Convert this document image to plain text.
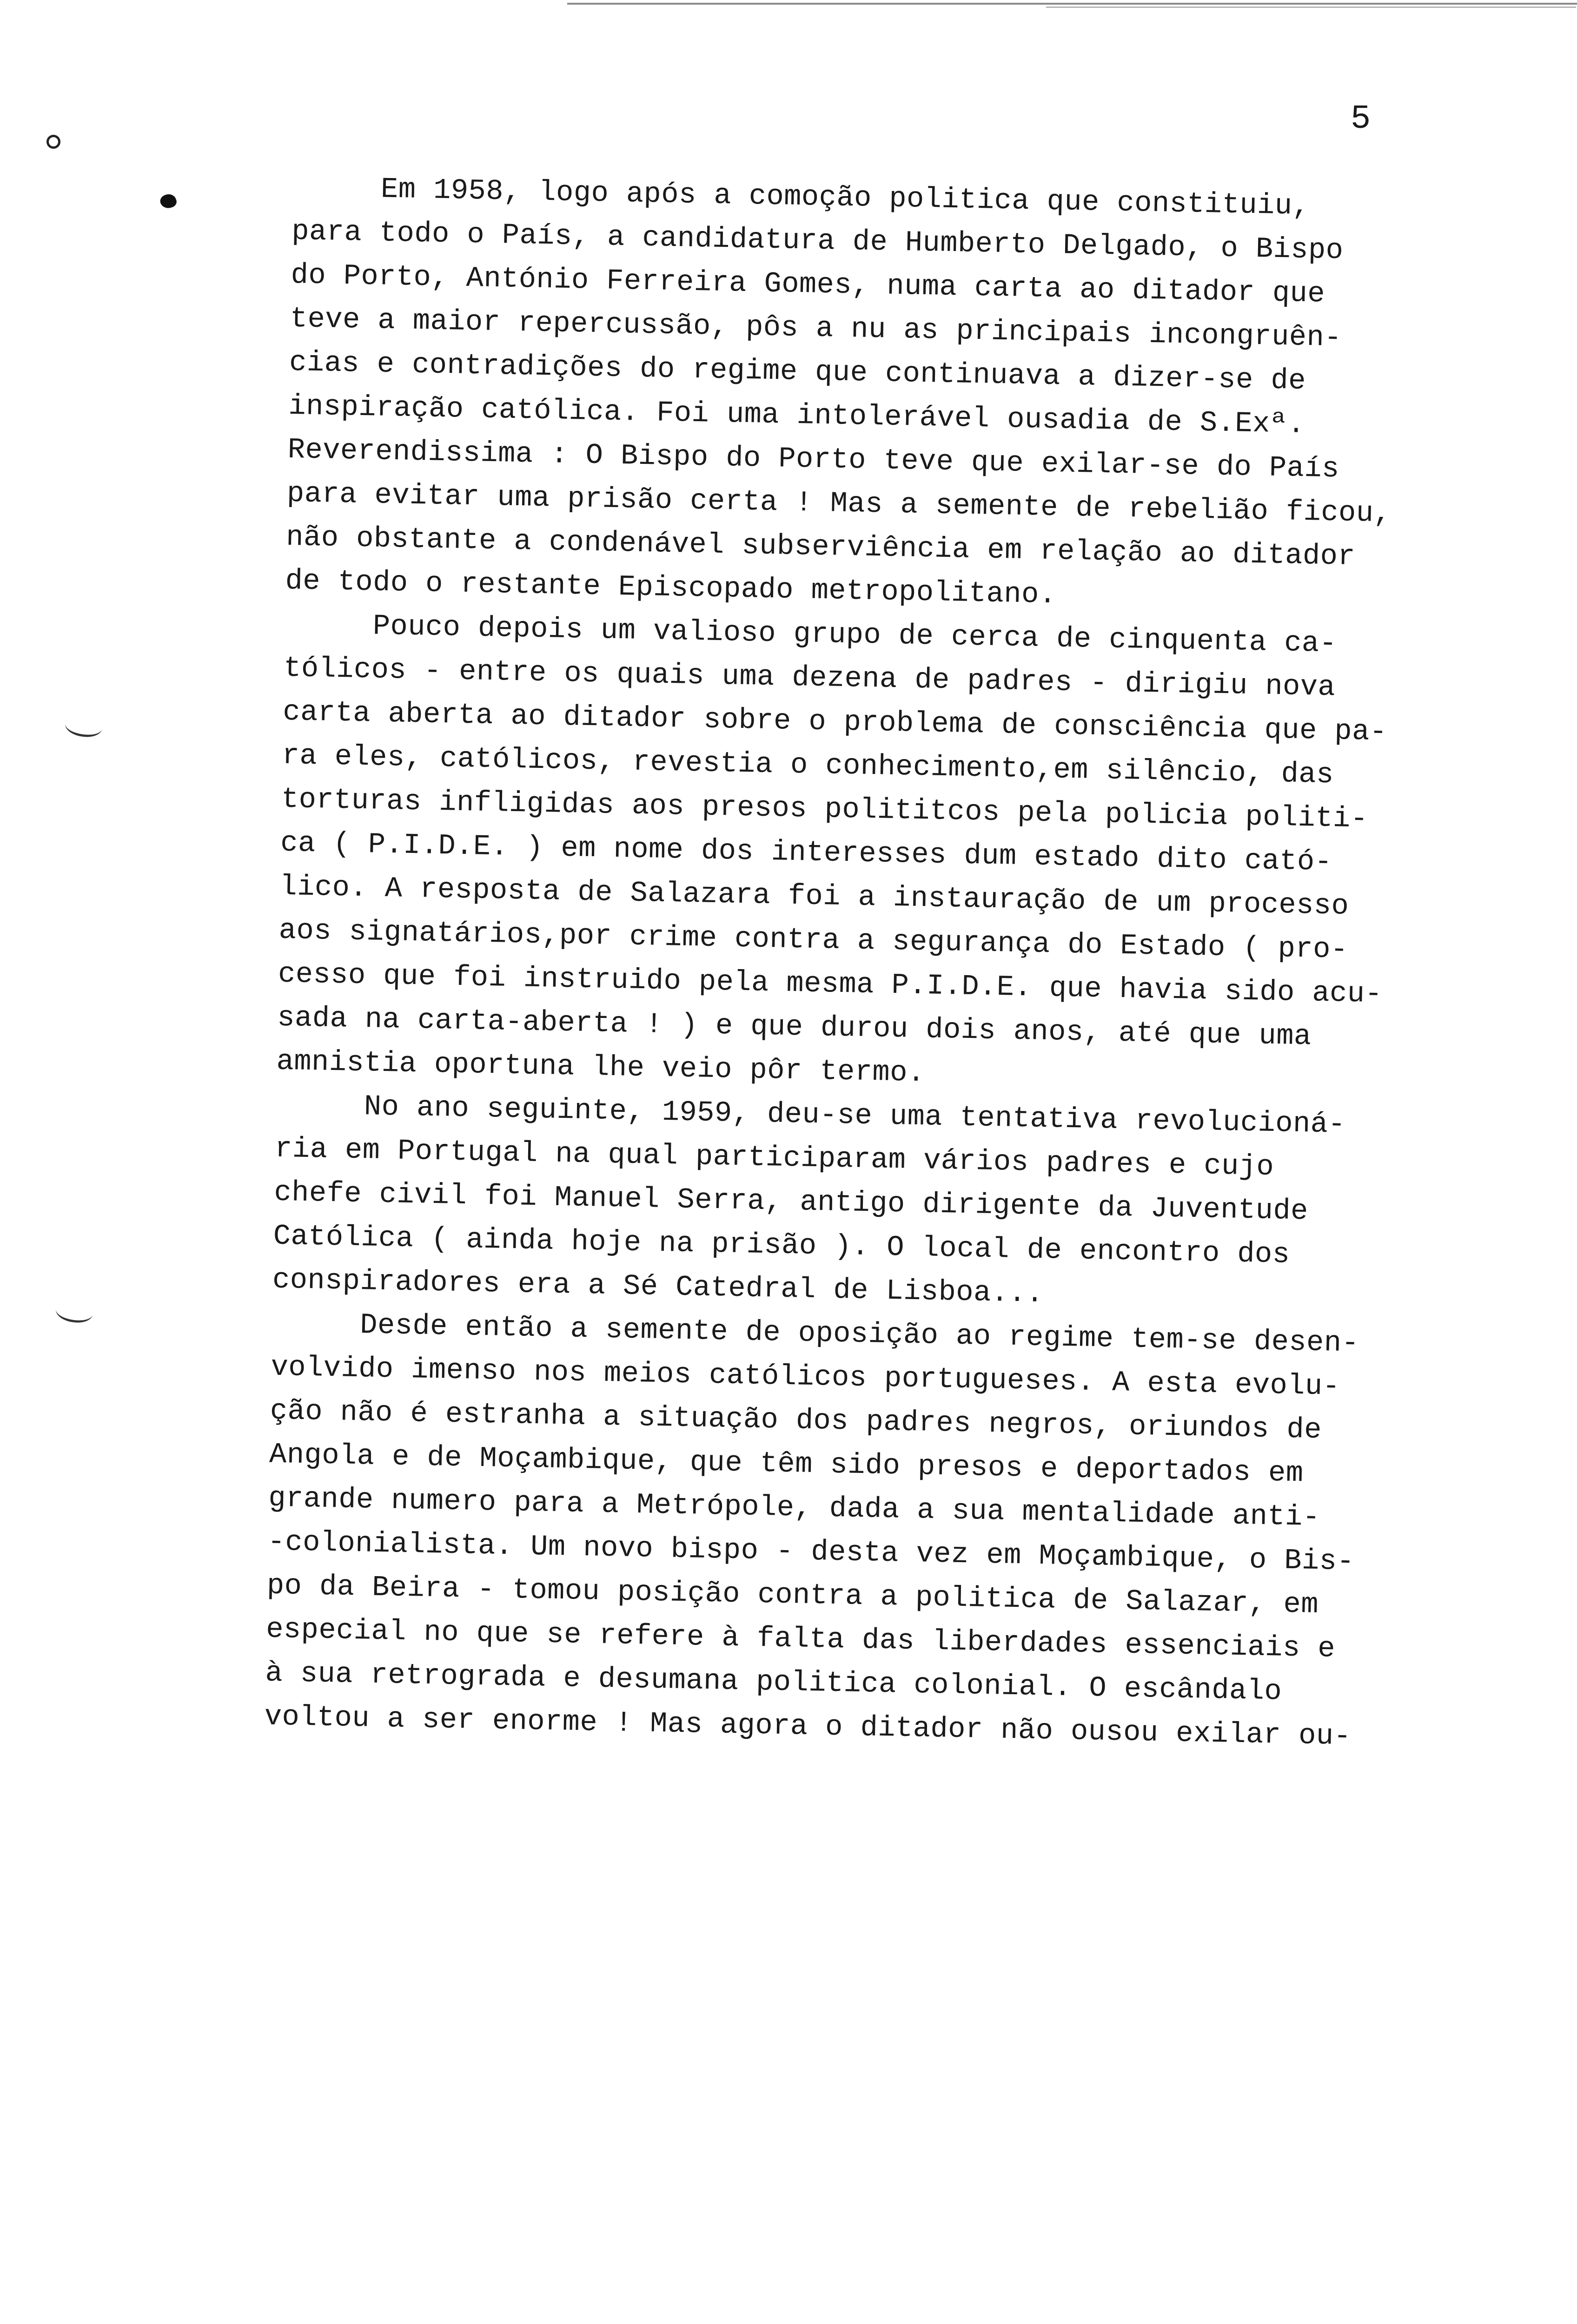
5
Em 1958, logo após a comoção politica que constituiu,
para todo o País, a candidatura de Humberto Delgado, o Bispo
do Porto, António Ferreira Gomes, numa carta ao ditador que
teve a maior repercussão, pôs a nu as principais incongruên-
cias e contradições do regime que continuava a dizer-se de
inspiração católica. Foi uma intolerável ousadia de S.Exª.
Reverendissima : O Bispo do Porto teve que exilar-se do País
para evitar uma prisão certa ! Mas a semente de rebelião ficou,
não obstante a condenável subserviência em relação ao ditador
de todo o restante Episcopado metropolitano.
Pouco depois um valioso grupo de cerca de cinquenta ca-
tólicos - entre os quais uma dezena de padres - dirigiu nova
carta aberta ao ditador sobre o problema de consciência que pa-
ra eles, católicos, revestia o conhecimento,em silêncio, das
torturas infligidas aos presos polititcos pela policia politi-
ca ( P.I.D.E. ) em nome dos interesses dum estado dito cató-
lico. A resposta de Salazara foi a instauração de um processo
aos signatários,por crime contra a segurança do Estado ( pro-
cesso que foi instruido pela mesma P.I.D.E. que havia sido acu-
sada na carta-aberta ! ) e que durou dois anos, até que uma
amnistia oportuna lhe veio pôr termo.
No ano seguinte, 1959, deu-se uma tentativa revolucioná-
ria em Portugal na qual participaram vários padres e cujo
chefe civil foi Manuel Serra, antigo dirigente da Juventude
Católica ( ainda hoje na prisão ). O local de encontro dos
conspiradores era a Sé Catedral de Lisboa...
Desde então a semente de oposição ao regime tem-se desen-
volvido imenso nos meios católicos portugueses. A esta evolu-
ção não é estranha a situação dos padres negros, oriundos de
Angola e de Moçambique, que têm sido presos e deportados em
grande numero para a Metrópole, dada a sua mentalidade anti-
-colonialista. Um novo bispo - desta vez em Moçambique, o Bis-
po da Beira - tomou posição contra a politica de Salazar, em
especial no que se refere à falta das liberdades essenciais e
à sua retrograda e desumana politica colonial. O escândalo
voltou a ser enorme ! Mas agora o ditador não ousou exilar ou-
